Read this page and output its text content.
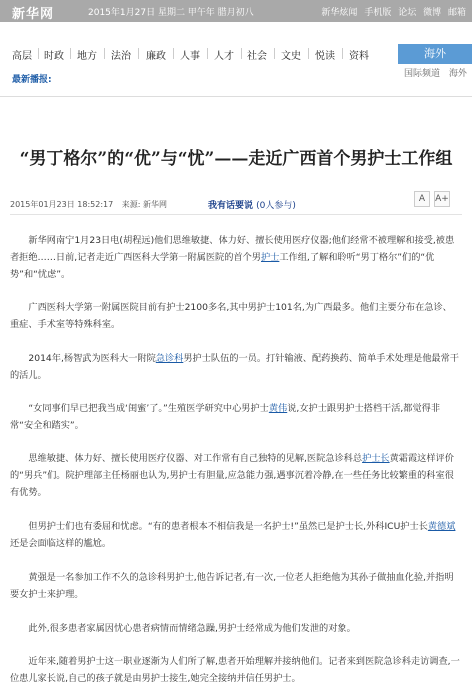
新华网	2015年1月27日 星期二 甲午年 腊月初八	新华炫闻 手机版 论坛 微博 邮箱
高层 时政 地方 法治 廉政 人事 人才 社会 文史 悦读 资料	海外
国际频道 海外
最新播报:
“男丁格尔”的“优”与“忧”——走近广西首个男护士工作组
2015年01月23日 18:52:17 来源: 新华网	我有话要说 (0人参与)
A	A+

新华网南宁1月23日电(胡程远)他们思维敏捷、体力好、擅长使用医疗仪器;他们经常不被理解和接受,被患者拒绝……日前,记者走近广西医科大学第一附属医院的首个男护士工作组,了解和聆听“男丁格尔”们的“优势”和“忧虑”。

广西医科大学第一附属医院目前有护士2100多名,其中男护士101名,为广西最多。他们主要分布在急诊、重症、手术室等特殊科室。

2014年,杨智武为医科大一附院急诊科男护士队伍的一员。打针输液、配药换药、简单手术处理是他最常干的活儿。

“女同事们早已把我当成‘闺蜜’了。”生殖医学研究中心男护士黄伟说,女护士跟男护士搭档干活,都觉得非常“安全和踏实”。

思维敏捷、体力好、擅长使用医疗仪器、对工作常有自己独特的见解,医院急诊科总护士长黄霜霞这样评价的“男兵”们。院护理部主任杨丽也认为,男护士有胆量,应急能力强,遇事沉着冷静,在一些任务比较繁重的科室很有优势。

但男护士们也有委屈和忧虑。“有的患者根本不相信我是一名护士!”虽然已是护士长,外科ICU护士长黄德斌还是会面临这样的尴尬。

黄强是一名参加工作不久的急诊科男护士,他告诉记者,有一次,一位老人拒绝他为其孙子做抽血化验,并指明要女护士来护理。

此外,很多患者家属因忧心患者病情而情绪急躁,男护士经常成为他们发泄的对象。

近年来,随着男护士这一职业逐渐为人们所了解,患者开始理解并接纳他们。记者来到医院急诊科走访调查,一位患儿家长说,自己的孩子就是由男护士接生,她完全接纳并信任男护士。
